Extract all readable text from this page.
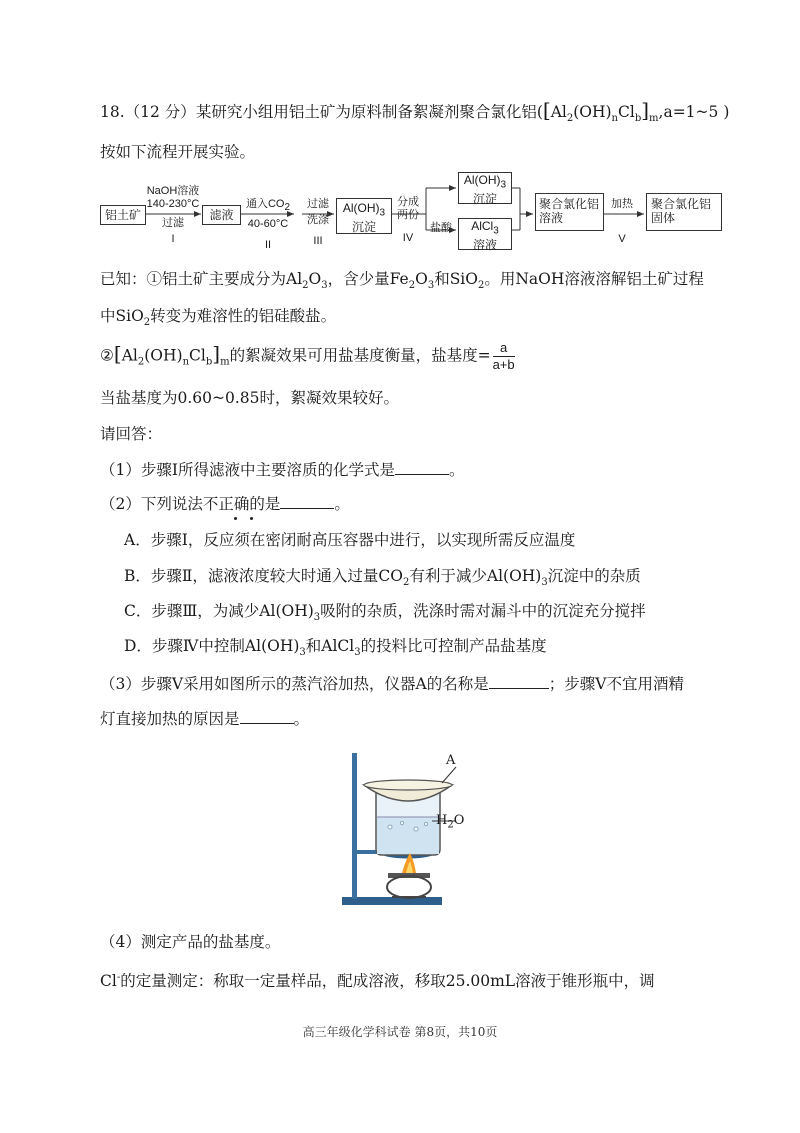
18.（12 分）某研究小组用铝土矿为原料制备絮凝剂聚合氯化铝($[Al_2(OH)_nCl_b]_m,a=1\sim 5$ )
按如下流程开展实验。
铝土矿
NaOH溶液
140-230°C
过滤
I
滤液
通入$CO_2$
40-60°C
II
过滤
洗涤
III
$Al(OH)_3$
沉淀
分成
两份
IV
$Al(OH)_3$
沉淀
盐酸	AlCl$_3$
溶液
聚合氯化铝
溶液
加热
V
聚合氯化铝
固体
已知：①铝土矿主要成分为$Al_2O_3$，含少量$Fe_2O_3$和SiO$_2$。用NaOH溶液溶解铝土矿过程
中SiO$_2$转变为难溶性的铝硅酸盐。
$②[Al_2(OH)_nCl_b]_m$的絮凝效果可用盐基度衡量，盐基度= $\frac{a}{a+b}$
当盐基度为0.60~0.85时，絮凝效果较好。
请回答：
（1）步骤Ⅰ所得滤液中主要溶质的化学式是	。
（2）下列说法不正确的是	。
A．步骤Ⅰ，反应须在密闭耐高压容器中进行，以实现所需反应温度
B．步骤Ⅱ，滤液浓度较大时通入过量$CO_2$有利于减少$Al(OH)_3$沉淀中的杂质
C．步骤Ⅲ，为减少$Al(OH)_3$吸附的杂质，洗涤时需对漏斗中的沉淀充分搅拌
D．步骤Ⅳ中控制$Al(OH)_3$和AlCl$_3$的投料比可控制产品盐基度
（3）步骤V采用如图所示的蒸汽浴加热，仪器A的名称是	；步骤V不宜用酒精
灯直接加热的原因是	。
A
$H_2O$
（4）测定产品的盐基度。
Cl-的定量测定：称取一定量样品，配成溶液，移取25.00mL溶液于锥形瓶中，调
高三年级化学科试卷 第8页，共10页
